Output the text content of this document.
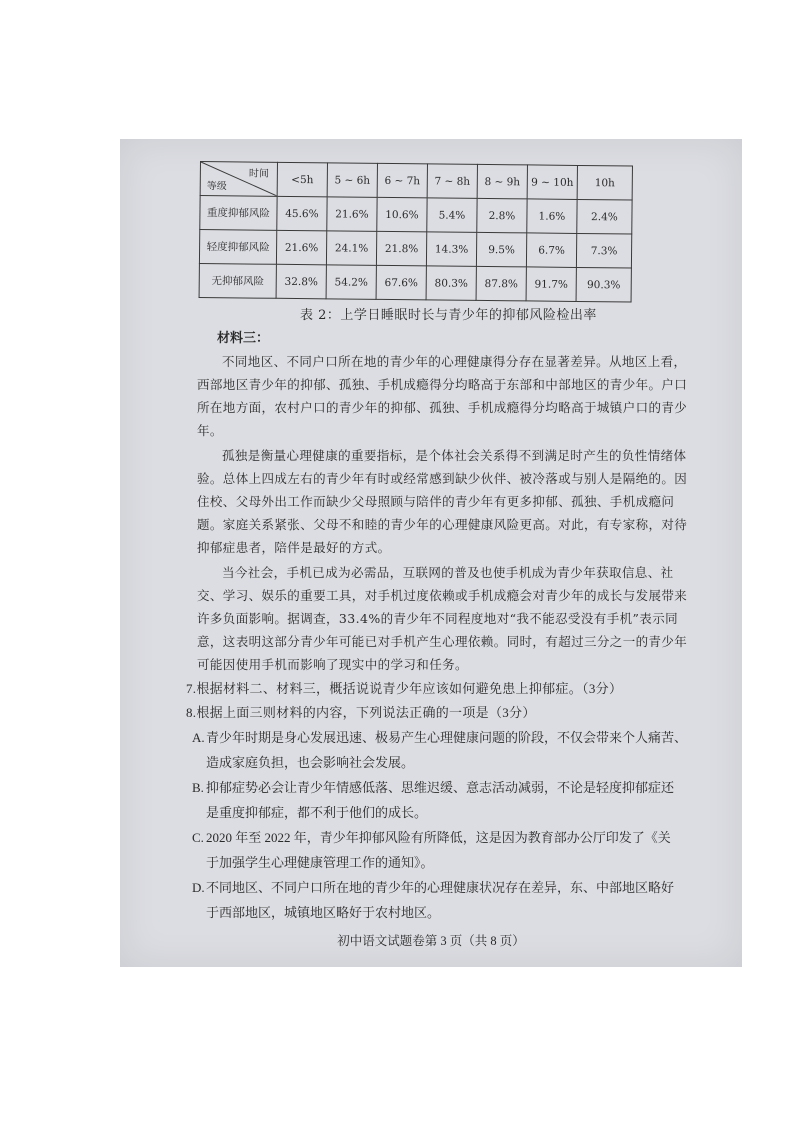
时间
等级	<5h	5 ~ 6h	6 ~ 7h	7 ~ 8h	8 ~ 9h	9 ~ 10h	10h
重度抑郁风险	45.6%	21.6%	10.6%	5.4%	2.8%	1.6%	2.4%
轻度抑郁风险	21.6%	24.1%	21.8%	14.3%	9.5%	6.7%	7.3%
无抑郁风险	32.8%	54.2%	67.6%	80.3%	87.8%	91.7%	90.3%
表 2：上学日睡眠时长与青少年的抑郁风险检出率
材料三：

不同地区、不同户口所在地的青少年的心理健康得分存在显著差异。从地区上看，西部地区青少年的抑郁、孤独、手机成瘾得分均略高于东部和中部地区的青少年。户口所在地方面，农村户口的青少年的抑郁、孤独、手机成瘾得分均略高于城镇户口的青少年。

孤独是衡量心理健康的重要指标，是个体社会关系得不到满足时产生的负性情绪体验。总体上四成左右的青少年有时或经常感到缺少伙伴、被冷落或与别人是隔绝的。因住校、父母外出工作而缺少父母照顾与陪伴的青少年有更多抑郁、孤独、手机成瘾问题。家庭关系紧张、父母不和睦的青少年的心理健康风险更高。对此，有专家称，对待抑郁症患者，陪伴是最好的方式。

当今社会，手机已成为必需品，互联网的普及也使手机成为青少年获取信息、社交、学习、娱乐的重要工具，对手机过度依赖或手机成瘾会对青少年的成长与发展带来许多负面影响。据调查，33.4%的青少年不同程度地对“我不能忍受没有手机”表示同意，这表明这部分青少年可能已对手机产生心理依赖。同时，有超过三分之一的青少年可能因使用手机而影响了现实中的学习和任务。

7.根据材料二、材料三，概括说说青少年应该如何避免患上抑郁症。（3分）

8.根据上面三则材料的内容，下列说法正确的一项是（3分）

A.青少年时期是身心发展迅速、极易产生心理健康问题的阶段，不仅会带来个人痛苦、
造成家庭负担，也会影响社会发展。
B. 抑郁症势必会让青少年情感低落、思维迟缓、意志活动减弱，不论是轻度抑郁症还
是重度抑郁症，都不利于他们的成长。
C. 2020 年至 2022 年，青少年抑郁风险有所降低，这是因为教育部办公厅印发了《关
于加强学生心理健康管理工作的通知》。
D.不同地区、不同户口所在地的青少年的心理健康状况存在差异，东、中部地区略好
于西部地区，城镇地区略好于农村地区。
初中语文试题卷第 3 页（共 8 页）
